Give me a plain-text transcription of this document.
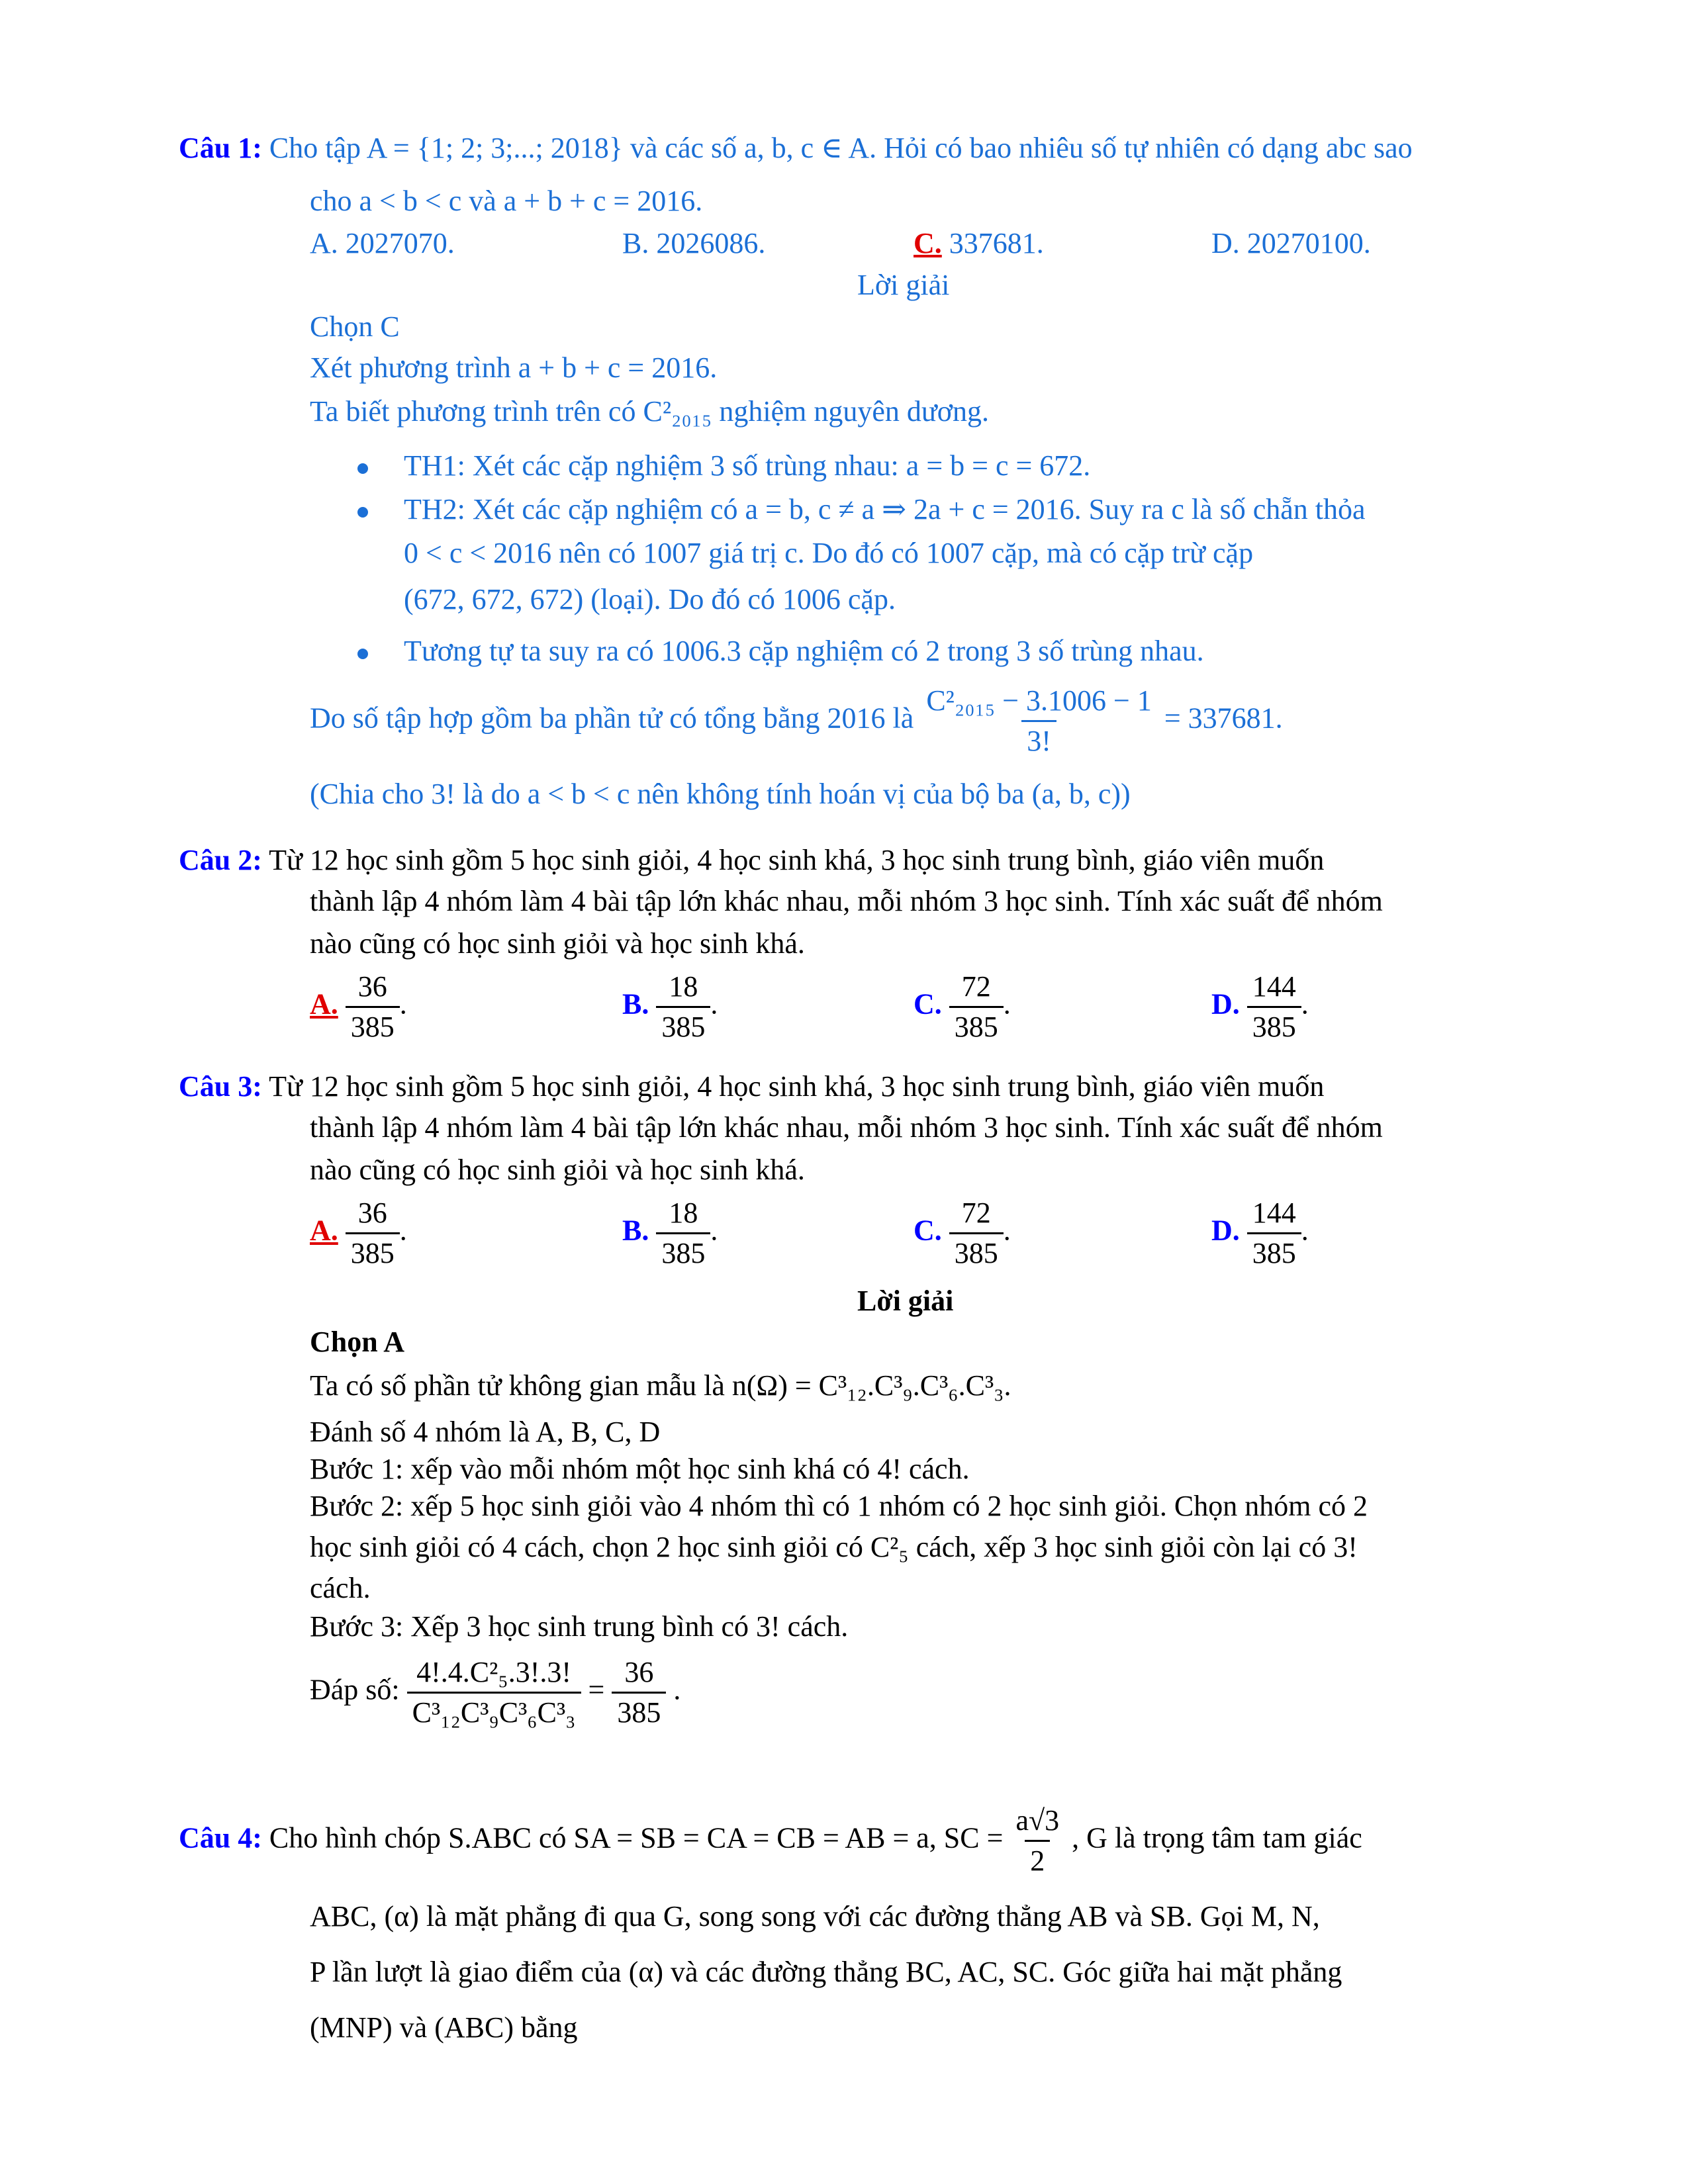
Câu 1: Cho tập A = {1; 2; 3;...; 2018} và các số a, b, c ∈ A. Hỏi có bao nhiêu số tự nhiên có dạng abc sao
cho a < b < c và a + b + c = 2016.
A. 2027070.	B. 2026086.	C. 337681.	D. 20270100.
Lời giải
Chọn C
Xét phương trình a + b + c = 2016.
Ta biết phương trình trên có C²₂₀₁₅ nghiệm nguyên dương.
TH1: Xét các cặp nghiệm 3 số trùng nhau: a = b = c = 672.
TH2: Xét các cặp nghiệm có a = b, c ≠ a ⇒ 2a + c = 2016. Suy ra c là số chẵn thỏa
0 < c < 2016 nên có 1007 giá trị c. Do đó có 1007 cặp, mà có cặp trừ cặp
(672, 672, 672) (loại). Do đó có 1006 cặp.
Tương tự ta suy ra có 1006.3 cặp nghiệm có 2 trong 3 số trùng nhau.
Do số tập hợp gồm ba phần tử có tổng bằng 2016 là $\frac{\text{C²₂₀₁₅ − 3.1006 − 1}}{3!} = 337681$.
(Chia cho 3! là do a < b < c nên không tính hoán vị của bộ ba (a, b, c))
Câu 2: Từ 12 học sinh gồm 5 học sinh giỏi, 4 học sinh khá, 3 học sinh trung bình, giáo viên muốn
thành lập 4 nhóm làm 4 bài tập lớn khác nhau, mỗi nhóm 3 học sinh. Tính xác suất để nhóm
nào cũng có học sinh giỏi và học sinh khá.
A. $\frac{36}{385}$ .	B. $\frac{18}{385}$ .	C. $\frac{72}{385}$ .	D. $\frac{144}{385}$ .
Câu 3: Từ 12 học sinh gồm 5 học sinh giỏi, 4 học sinh khá, 3 học sinh trung bình, giáo viên muốn
thành lập 4 nhóm làm 4 bài tập lớn khác nhau, mỗi nhóm 3 học sinh. Tính xác suất để nhóm
nào cũng có học sinh giỏi và học sinh khá.
A. $\frac{36}{385}$ .	B. $\frac{18}{385}$ .	C. $\frac{72}{385}$ .	D. $\frac{144}{385}$ .
Lời giải
Chọn A
Ta có số phần tử không gian mẫu là n(Ω) = C³₁₂.C³₉.C³₆.C³₃.
Đánh số 4 nhóm là A, B, C, D
Bước 1: xếp vào mỗi nhóm một học sinh khá có 4! cách.
Bước 2: xếp 5 học sinh giỏi vào 4 nhóm thì có 1 nhóm có 2 học sinh giỏi. Chọn nhóm có 2
học sinh giỏi có 4 cách, chọn 2 học sinh giỏi có C²₅ cách, xếp 3 học sinh giỏi còn lại có 3!
cách.
Bước 3: Xếp 3 học sinh trung bình có 3! cách.
Đáp số: $\frac{\text{4!.4.C²₅.3!.3!}}{\text{C³₁₂C³₉C³₆C³₃}} = \frac{36}{385}$ .
Câu 4: Cho hình chóp S.ABC có SA = SB = CA = CB = AB = a, SC = $\frac{a√3}{2}$ , G là trọng tâm tam giác
ABC, (α) là mặt phẳng đi qua G, song song với các đường thẳng AB và SB. Gọi M, N,
P lần lượt là giao điểm của (α) và các đường thẳng BC, AC, SC. Góc giữa hai mặt phẳng
(MNP) và (ABC) bằng
